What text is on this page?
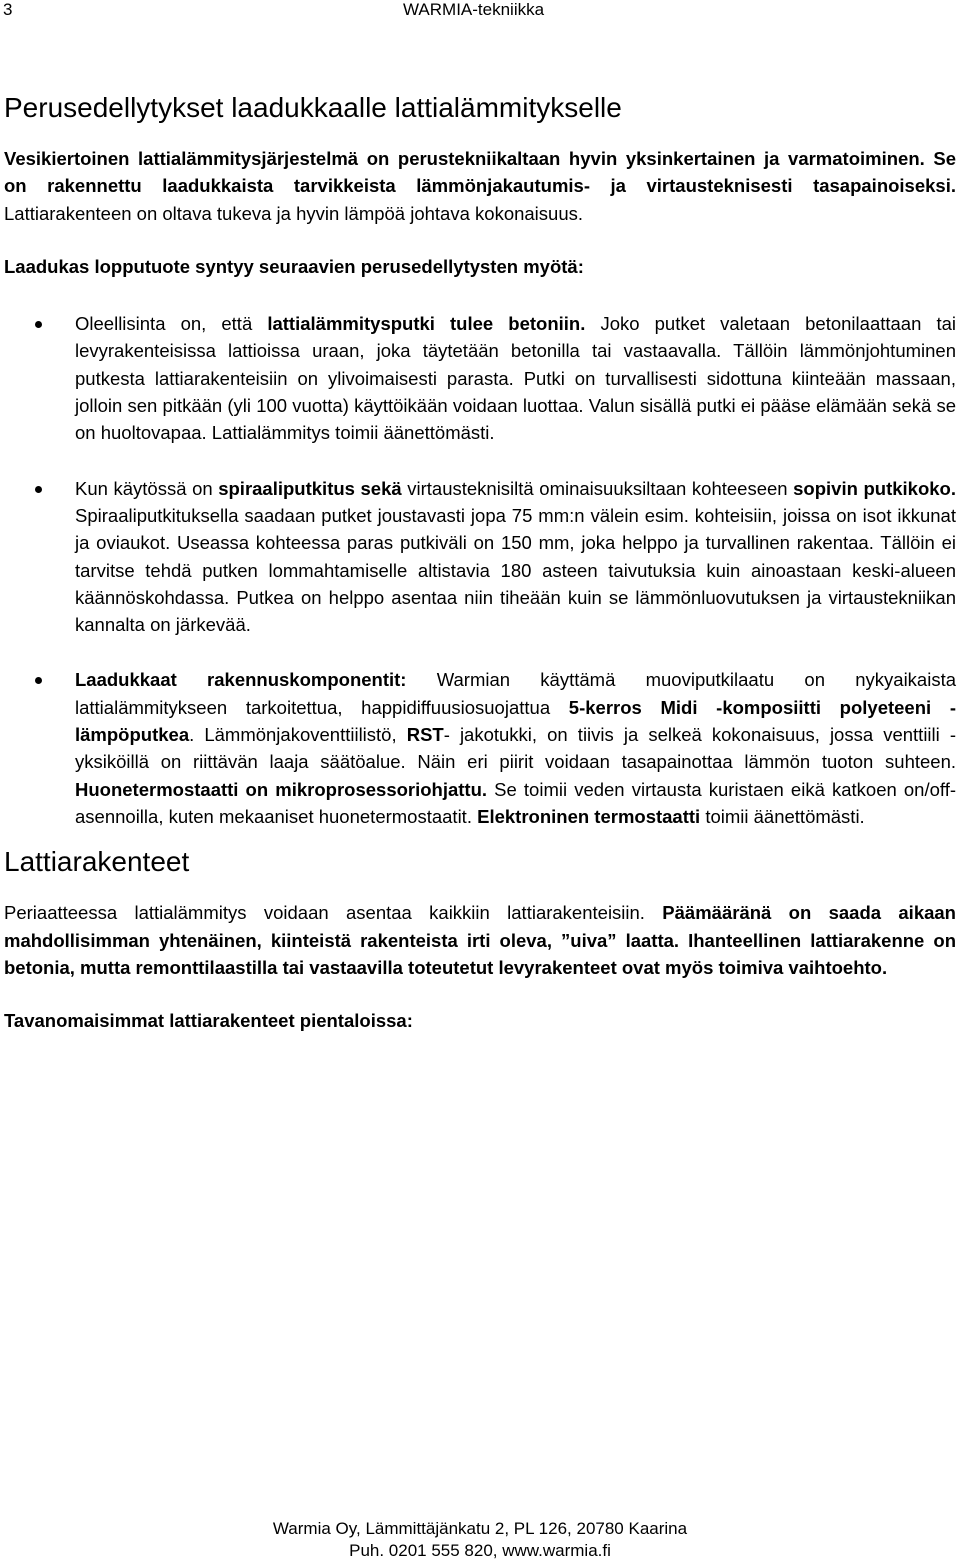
3	WARMIA-tekniikka
Perusedellytykset laadukkaalle lattialämmitykselle

Vesikiertoinen lattialämmitysjärjestelmä on perustekniikaltaan hyvin yksinkertainen ja varmatoiminen. Se on rakennettu laadukkaista tarvikkeista lämmönjakautumis- ja virtausteknisesti tasapainoiseksi. Lattiarakenteen on oltava tukeva ja hyvin lämpöä johtava kokonaisuus.

Laadukas lopputuote syntyy seuraavien perusedellytysten myötä:

Oleellisinta on, että lattialämmitysputki tulee betoniin. Joko putket valetaan betonilaattaan tai levyrakenteisissa lattioissa uraan, joka täytetään betonilla tai vastaavalla. Tällöin lämmönjohtuminen putkesta lattiarakenteisiin on ylivoimaisesti parasta. Putki on turvallisesti sidottuna kiinteään massaan, jolloin sen pitkään (yli 100 vuotta) käyttöikään voidaan luottaa. Valun sisällä putki ei pääse elämään sekä se on huoltovapaa. Lattialämmitys toimii äänettömästi.
Kun käytössä on spiraaliputkitus sekä virtausteknisiltä ominaisuuksiltaan kohteeseen sopivin putkikoko. Spiraaliputkituksella saadaan putket joustavasti jopa 75 mm:n välein esim. kohteisiin, joissa on isot ikkunat ja oviaukot. Useassa kohteessa paras putkiväli on 150 mm, joka helppo ja turvallinen rakentaa. Tällöin ei tarvitse tehdä putken lommahtamiselle altistavia 180 asteen taivutuksia kuin ainoastaan keski-alueen käännöskohdassa. Putkea on helppo asentaa niin tiheään kuin se lämmönluovutuksen ja virtaustekniikan kannalta on järkevää.
Laadukkaat rakennuskomponentit: Warmian käyttämä muoviputkilaatu on nykyaikaista lattialämmitykseen tarkoitettua, happidiffuusiosuojattua 5-kerros Midi -komposiitti polyeteeni -lämpöputkea. Lämmönjakoventtiilistö, RST- jakotukki, on tiivis ja selkeä kokonaisuus, jossa venttiili -yksiköillä on riittävän laaja säätöalue. Näin eri piirit voidaan tasapainottaa lämmön tuoton suhteen. Huonetermostaatti on mikroprosessoriohjattu. Se toimii veden virtausta kuristaen eikä katkoen on/off-asennoilla, kuten mekaaniset huonetermostaatit. Elektroninen termostaatti toimii äänettömästi.
Lattiarakenteet

Periaatteessa lattialämmitys voidaan asentaa kaikkiin lattiarakenteisiin. Päämääränä on saada aikaan mahdollisimman yhtenäinen, kiinteistä rakenteista irti oleva, ”uiva” laatta. Ihanteellinen lattiarakenne on betonia, mutta remonttilaastilla tai vastaavilla toteutetut levyrakenteet ovat myös toimiva vaihtoehto.

Tavanomaisimmat lattiarakenteet pientaloissa:

Warmia Oy, Lämmittäjänkatu 2, PL 126, 20780 Kaarina
Puh. 0201 555 820, www.warmia.fi
